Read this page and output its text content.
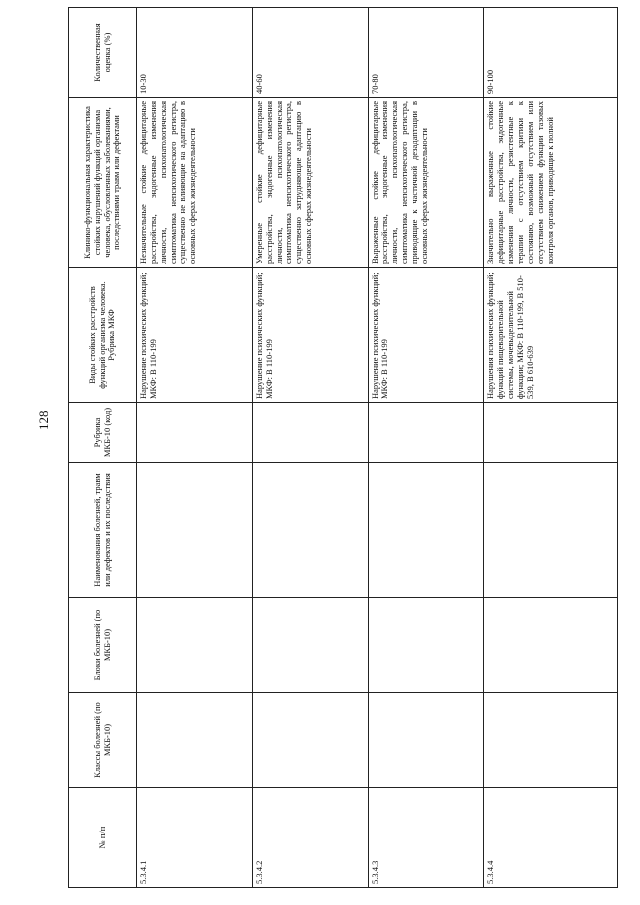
128
№ п/п	Классы болезней (по МКБ-10)	Блоки болезней (по МКБ-10)	Наименования болезней, травм или дефектов и их последствия	Рубрика МКБ-10 (код)	Виды стойких расстройств функций организма человека. Рубрика МКФ	Клинико-функциональная характеристика стойких нарушений функций организма человека, обусловленных заболеваниями, последствиями травм или дефектами	Количественная оценка (%)
5.3.4.1					Нарушение психических функций; МКФ: В 110-199	Незначительные стойкие дефицитарные расстройства, эндогенные изменения личности, психопатологическая симптоматика непсихотического регистра, существенно не влияющие на адаптацию в основных сферах жизнедеятельности	10-30
5.3.4.2					Нарушение психических функций; МКФ: В 110-199	Умеренные стойкие дефицитарные расстройства, эндогенные изменения личности, психопатологическая симптоматика непсихотического регистра, существенно затрудняющие адаптацию в основных сферах жизнедеятельности	40-60
5.3.4.3					Нарушение психических функций; МКФ: В 110-199	Выраженные стойкие дефицитарные расстройства, эндогенные изменения личности, психопатологическая симптоматика непсихотического регистра, приводящие к частичной дезадаптации в основных сферах жизнедеятельности	70-80
5.3.4.4					Нарушения психических функций; функций пищеварительной системы, мочевыделительной функции; МКФ: В 110-199, В 510-539, В 610-639	Значительно выраженные стойкие дефицитарные расстройства, эндогенные изменения личности, резистентные к терапии с отсутствием критики к состоянию, возможный отсутствием или отсутствием снижением функции тазовых контроля органов, приводящие к полной	90-100
